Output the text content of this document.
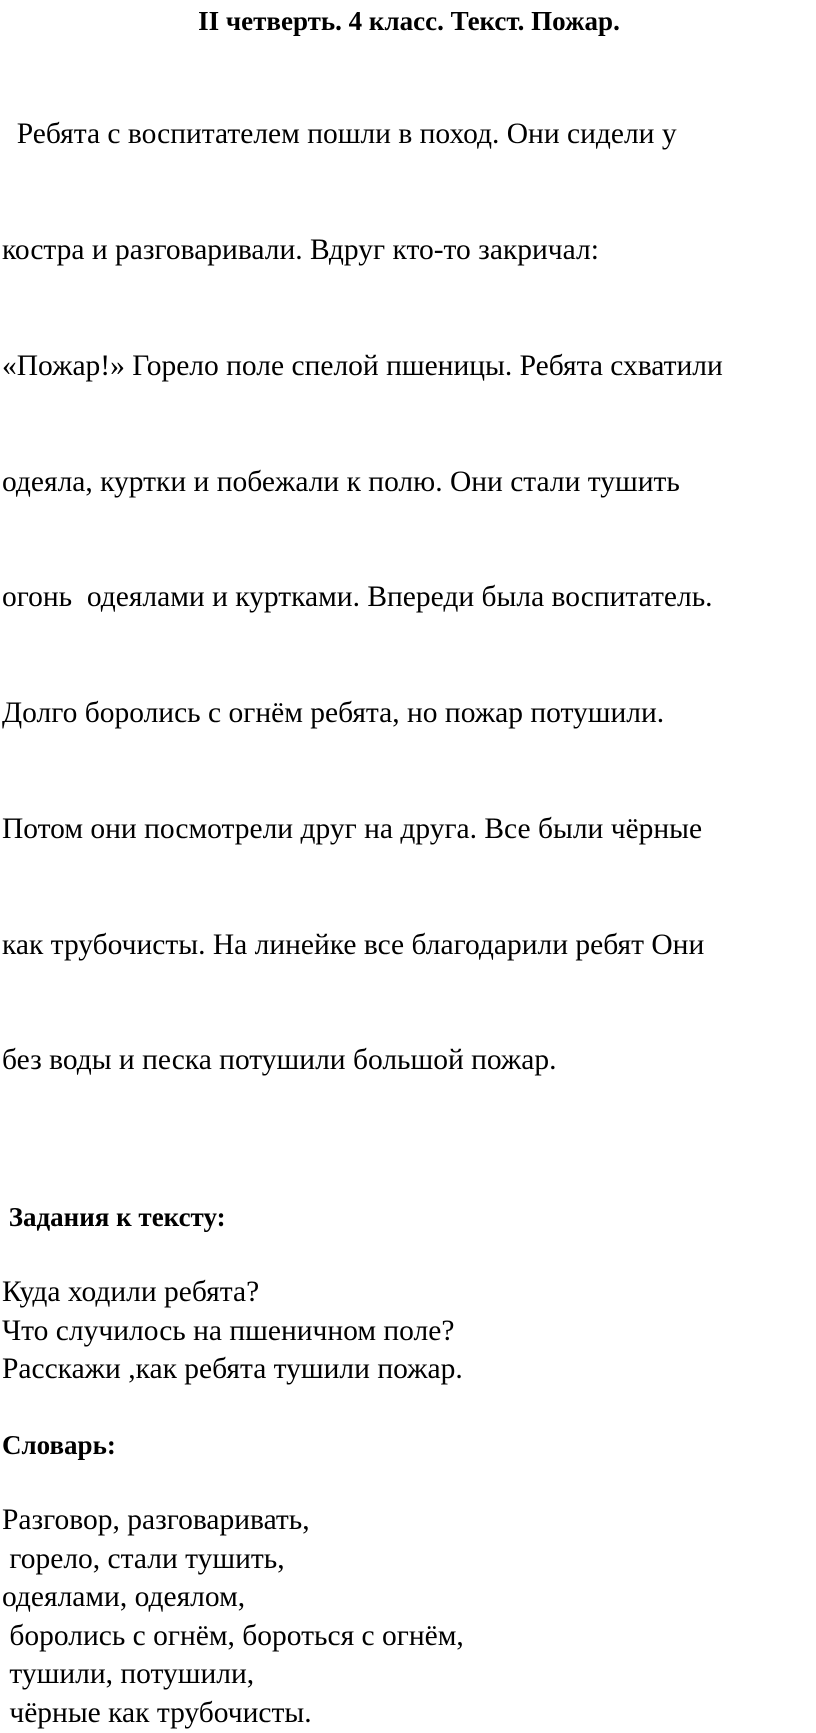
II четверть. 4 класс. Текст. Пожар.

Ребята с воспитателем пошли в поход. Они сидели у

костра и разговаривали. Вдруг кто-то закричал:

«Пожар!» Горело поле спелой пшеницы. Ребята схватили

одеяла, куртки и побежали к полю. Они стали тушить

огонь  одеялами и куртками. Впереди была воспитатель.

Долго боролись с огнём ребята, но пожар потушили.

Потом они посмотрели друг на друга. Все были чёрные

как трубочисты. На линейке все благодарили ребят Они

без воды и песка потушили большой пожар.

Задания к тексту:
Куда ходили ребята?
Что случилось на пшеничном поле?
Расскажи ,как ребята тушили пожар.
Словарь:
Разговор, разговаривать,
горело, стали тушить,
одеялами, одеялом,
боролись с огнём, бороться с огнём,
тушили, потушили,
чёрные как трубочисты.
